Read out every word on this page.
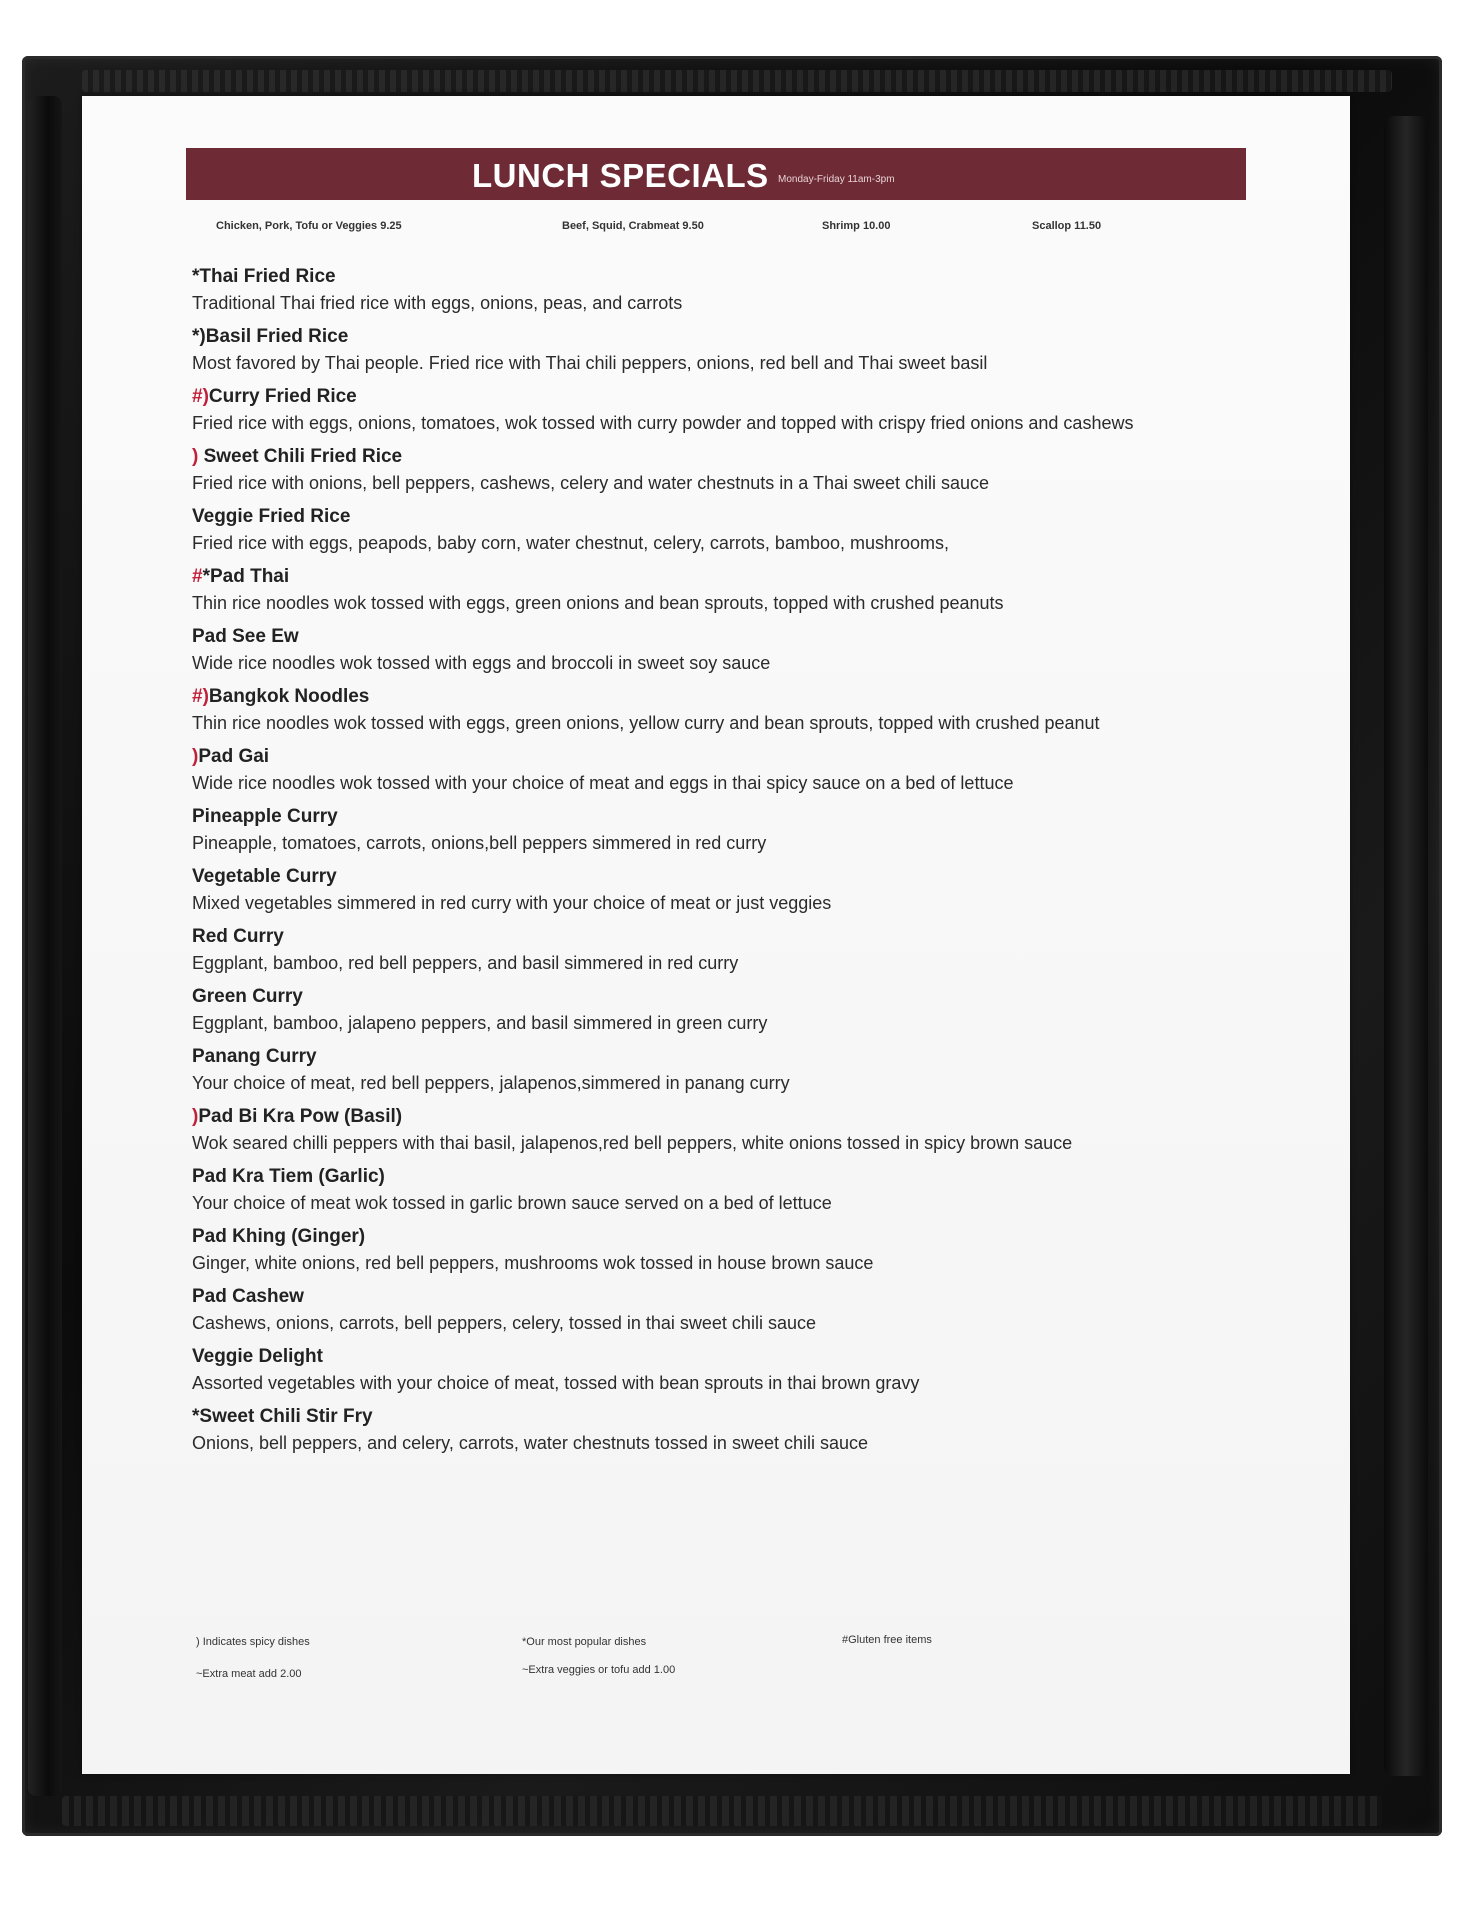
LUNCH SPECIALS Monday-Friday 11am-3pm
Chicken, Pork, Tofu or Veggies 9.25	Beef, Squid, Crabmeat 9.50	Shrimp 10.00	Scallop 11.50
*Thai Fried Rice
Traditional Thai fried rice with eggs, onions, peas, and carrots
*)Basil Fried Rice
Most favored by Thai people. Fried rice with Thai chili peppers, onions, red bell and Thai sweet basil
#)Curry Fried Rice
Fried rice with eggs, onions, tomatoes, wok tossed with curry powder and topped with crispy fried onions and cashews
) Sweet Chili Fried Rice
Fried rice with onions, bell peppers, cashews, celery and water chestnuts in a Thai sweet chili sauce
Veggie Fried Rice
Fried rice with eggs, peapods, baby corn, water chestnut, celery, carrots, bamboo, mushrooms,
#*Pad Thai
Thin rice noodles wok tossed with eggs, green onions and bean sprouts, topped with crushed peanuts
Pad See Ew
Wide rice noodles wok tossed with eggs and broccoli in sweet soy sauce
#)Bangkok Noodles
Thin rice noodles wok tossed with eggs, green onions, yellow curry and bean sprouts, topped with crushed peanut
)Pad Gai
Wide rice noodles wok tossed with your choice of meat and eggs in thai spicy sauce on a bed of lettuce
Pineapple Curry
Pineapple, tomatoes, carrots, onions,bell peppers simmered in red curry
Vegetable Curry
Mixed vegetables simmered in red curry with your choice of meat or just veggies
Red Curry
Eggplant, bamboo, red bell peppers, and basil simmered in red curry
Green Curry
Eggplant, bamboo, jalapeno peppers, and basil simmered in green curry
Panang Curry
Your choice of meat, red bell peppers, jalapenos,simmered in panang curry
)Pad Bi Kra Pow (Basil)
Wok seared chilli peppers with thai basil, jalapenos,red bell peppers, white onions tossed in spicy brown sauce
Pad Kra Tiem (Garlic)
Your choice of meat wok tossed in garlic brown sauce served on a bed of lettuce
Pad Khing (Ginger)
Ginger, white onions, red bell peppers, mushrooms wok tossed in house brown sauce
Pad Cashew
Cashews, onions, carrots, bell peppers, celery, tossed in thai sweet chili sauce
Veggie Delight
Assorted vegetables with your choice of meat, tossed with bean sprouts in thai brown gravy
*Sweet Chili Stir Fry
Onions, bell peppers, and celery, carrots, water chestnuts tossed in sweet chili sauce
) Indicates spicy dishes	*Our most popular dishes	#Gluten free items
~Extra meat add 2.00	~Extra veggies or tofu add 1.00
